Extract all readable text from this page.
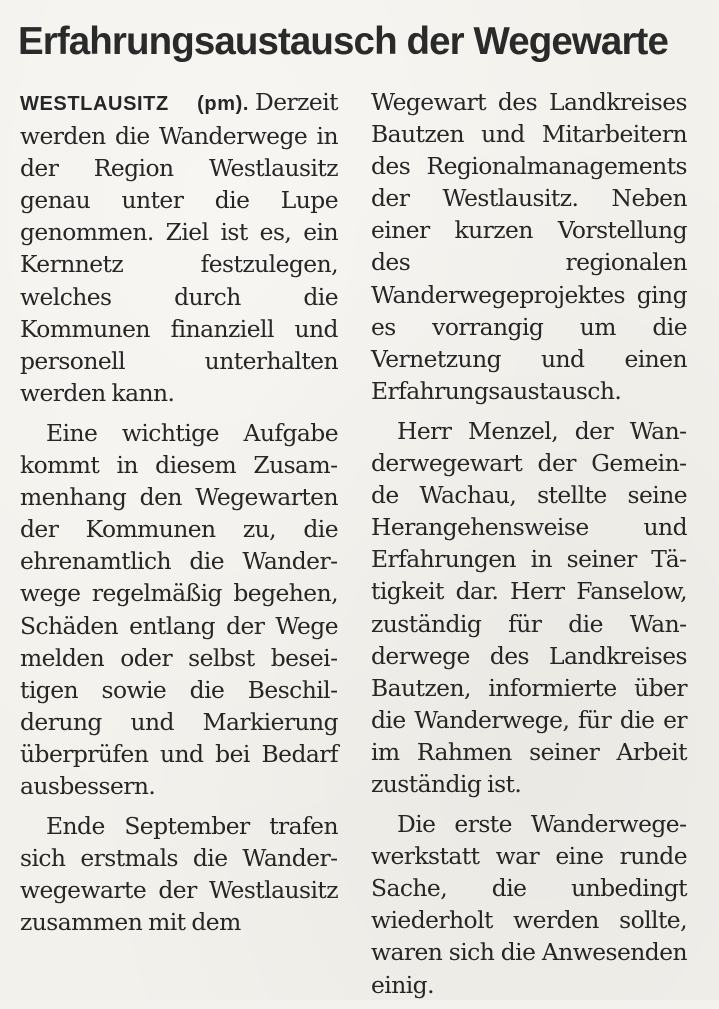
Erfahrungsaustausch der Wegewarte

WESTLAUSITZ (pm). Derzeit werden die Wanderwege in der Region Westlausitz genau unter die Lupe genommen. Ziel ist es, ein Kernnetz festzulegen, welches durch die Kommunen finanziell und personell unterhalten werden kann.

Eine wichtige Aufgabe kommt in diesem Zusammenhang den Wegewarten der Kommunen zu, die ehrenamtlich die Wanderwege regelmäßig begehen, Schäden entlang der Wege melden oder selbst beseitigen sowie die Beschilderung und Markierung überprüfen und bei Bedarf ausbessern.

Ende September trafen sich erstmals die Wanderwegewarte der Westlausitz zusammen mit dem

Wegewart des Landkreises Bautzen und Mitarbeitern des Regionalmanagements der Westlausitz. Neben einer kurzen Vorstellung des regionalen Wanderwegeprojektes ging es vorrangig um die Vernetzung und einen Erfahrungsaustausch.

Herr Menzel, der Wanderwegewart der Gemeinde Wachau, stellte seine Herangehensweise und Erfahrungen in seiner Tätigkeit dar. Herr Fanselow, zuständig für die Wanderwege des Landkreises Bautzen, informierte über die Wanderwege, für die er im Rahmen seiner Arbeit zuständig ist.

Die erste Wanderwegewerkstatt war eine runde Sache, die unbedingt wiederholt werden sollte, waren sich die Anwesenden einig.
